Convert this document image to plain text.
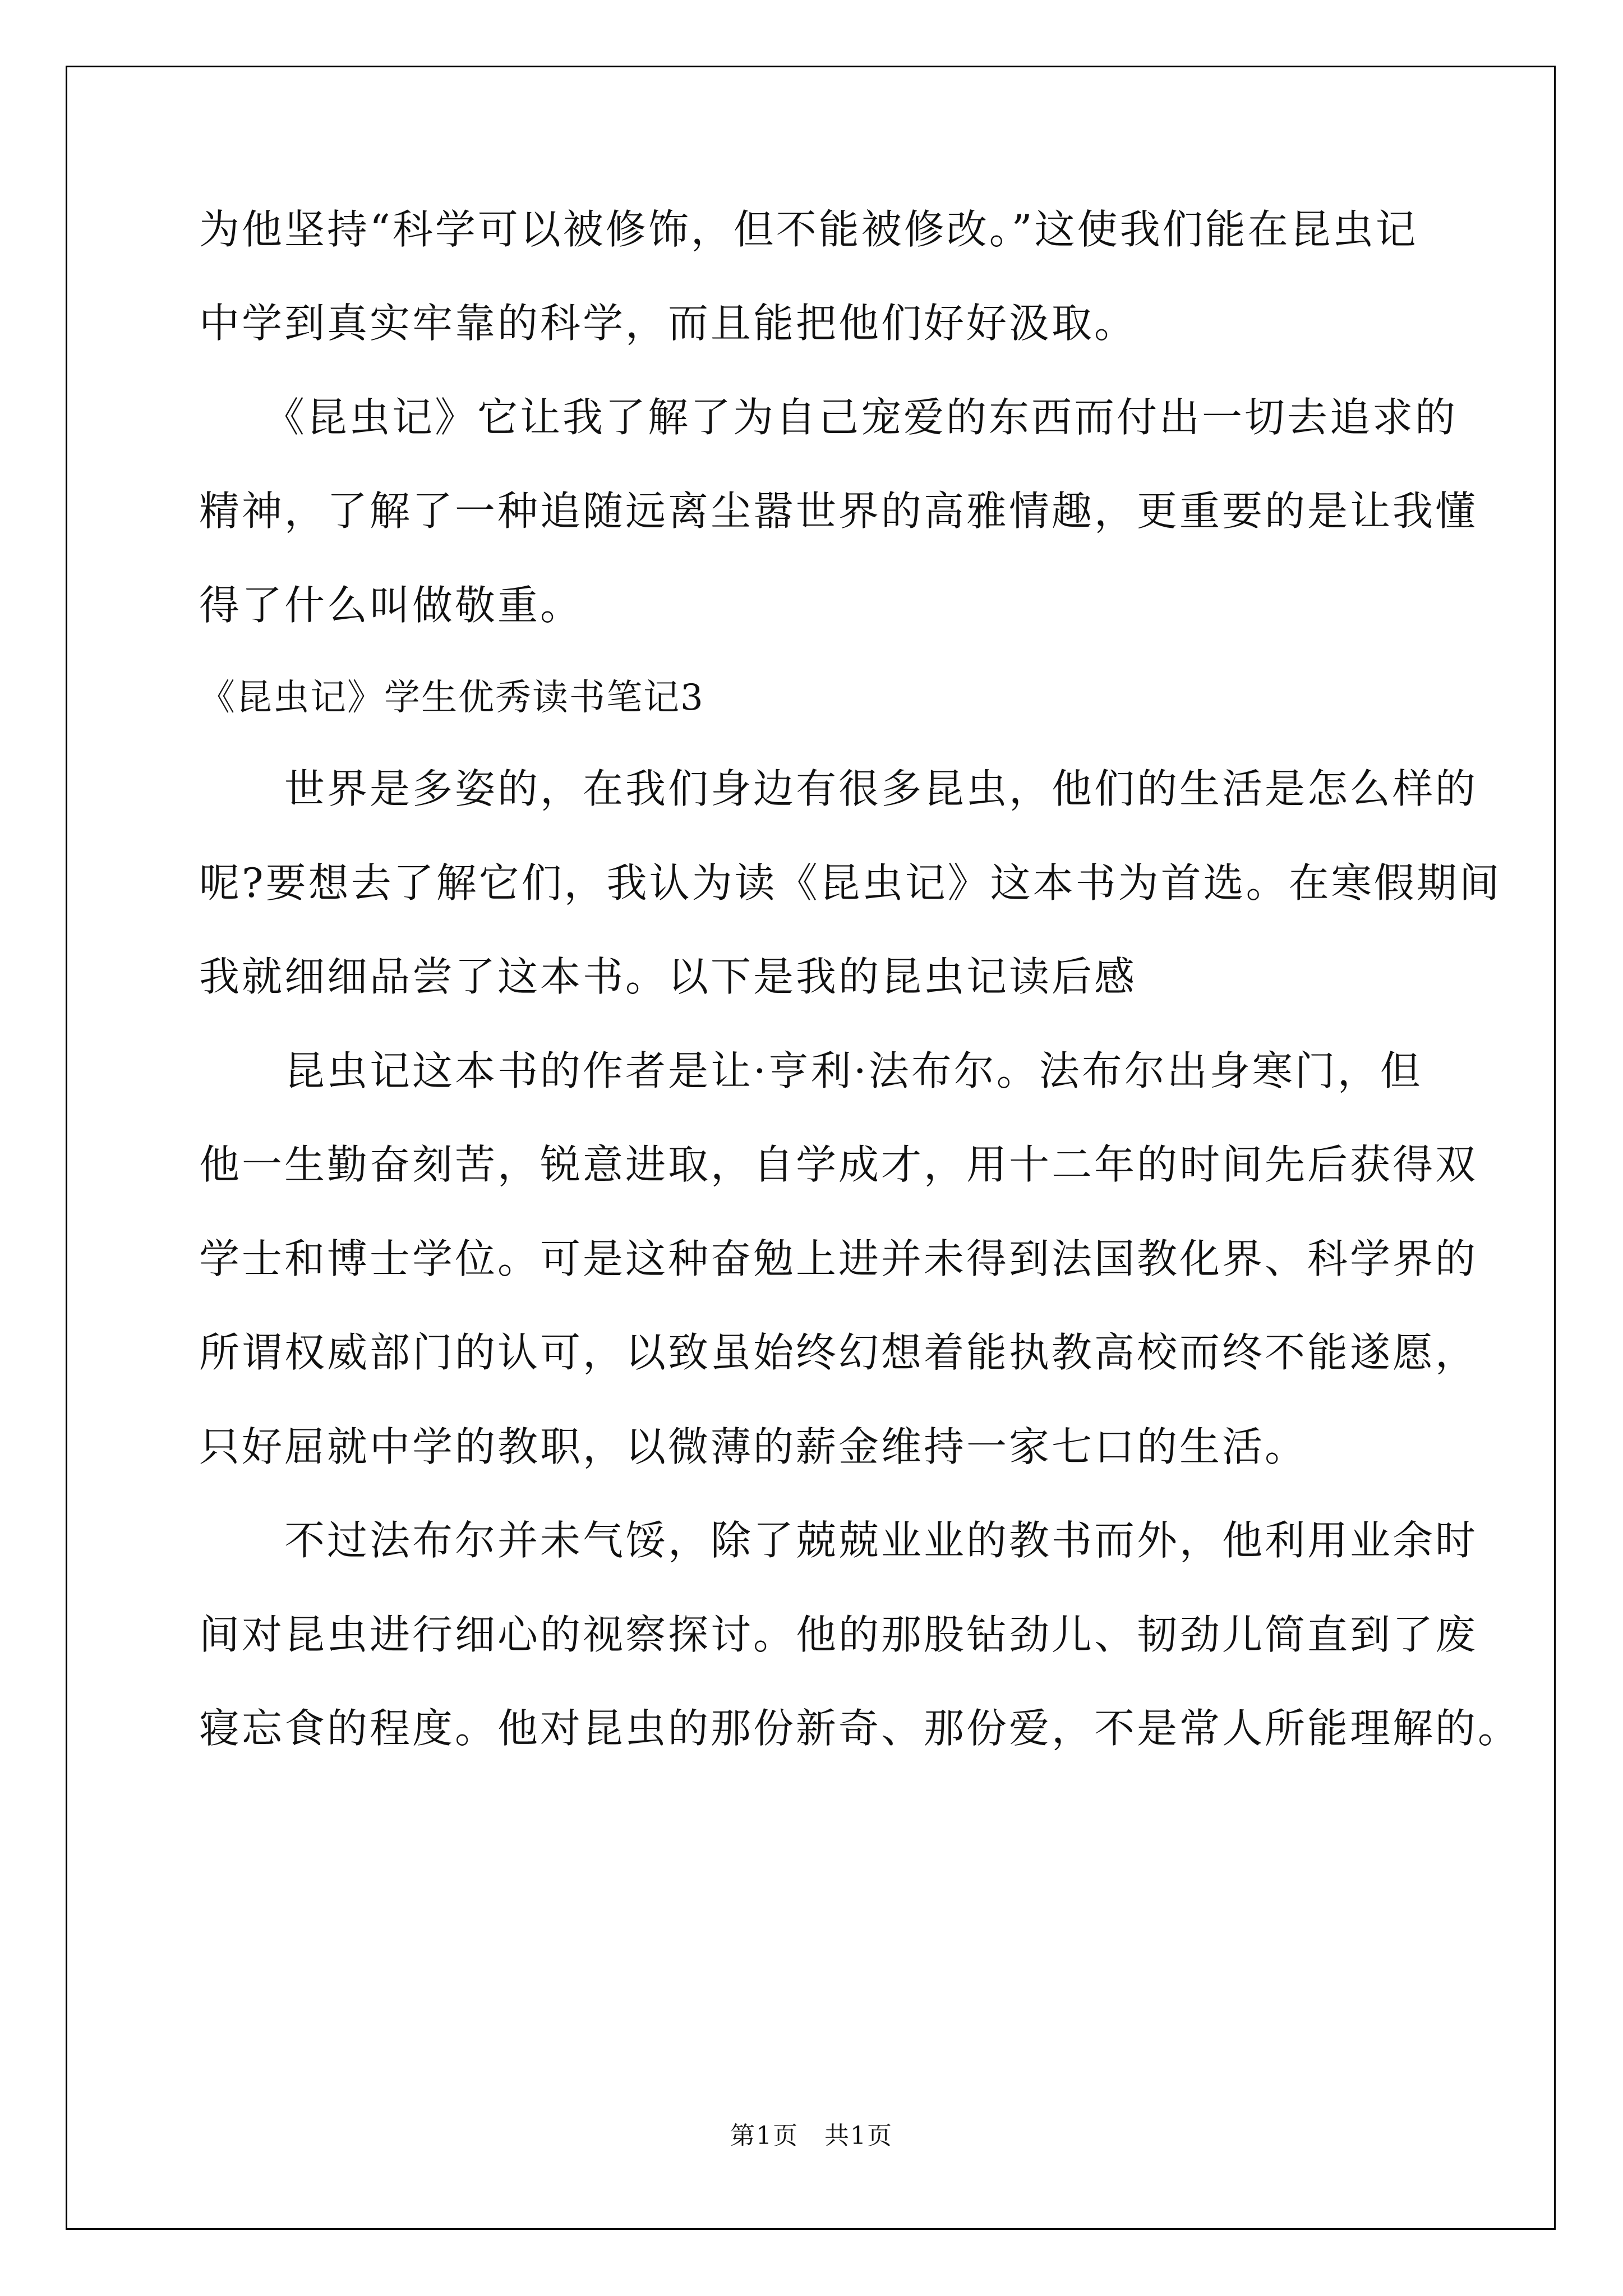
为他坚持“科学可以被修饰，但不能被修改。”这使我们能在昆虫记

中学到真实牢靠的科学，而且能把他们好好汲取。

　　《昆虫记》它让我了解了为自己宠爱的东西而付出一切去追求的

精神，了解了一种追随远离尘嚣世界的高雅情趣，更重要的是让我懂

得了什么叫做敬重。

《昆虫记》学生优秀读书笔记3

　　世界是多姿的，在我们身边有很多昆虫，他们的生活是怎么样的

呢?要想去了解它们，我认为读《昆虫记》这本书为首选。在寒假期间

我就细细品尝了这本书。以下是我的昆虫记读后感

　　昆虫记这本书的作者是让·亨利·法布尔。法布尔出身寒门，但

他一生勤奋刻苦，锐意进取，自学成才，用十二年的时间先后获得双

学士和博士学位。可是这种奋勉上进并未得到法国教化界、科学界的

所谓权威部门的认可，以致虽始终幻想着能执教高校而终不能遂愿，

只好屈就中学的教职，以微薄的薪金维持一家七口的生活。

　　不过法布尔并未气馁，除了兢兢业业的教书而外，他利用业余时

间对昆虫进行细心的视察探讨。他的那股钻劲儿、韧劲儿简直到了废

寝忘食的程度。他对昆虫的那份新奇、那份爱，不是常人所能理解的。

第1页　共1页
